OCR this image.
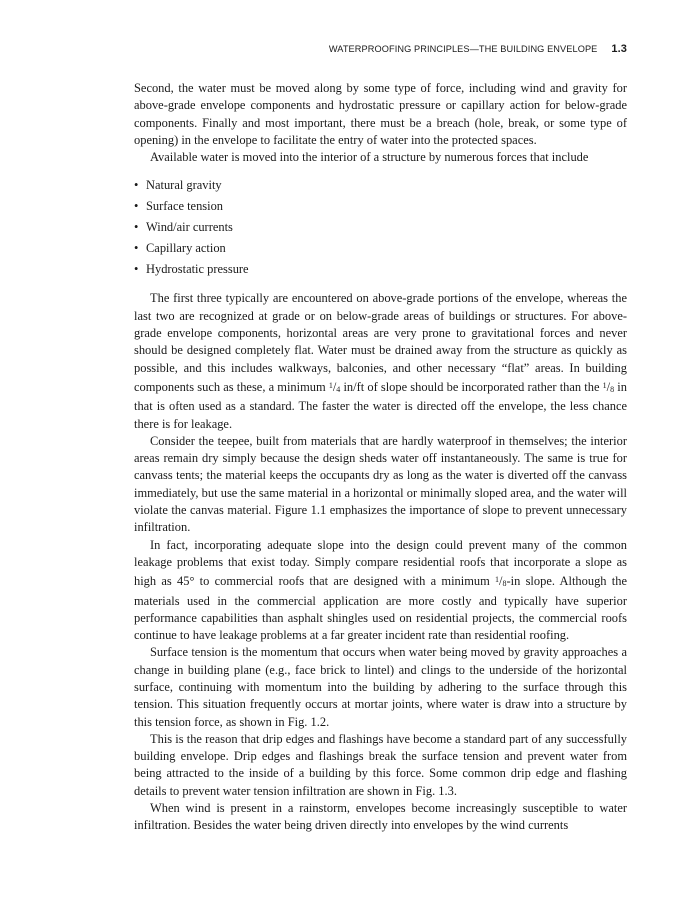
WATERPROOFING PRINCIPLES—THE BUILDING ENVELOPE 1.3

Second, the water must be moved along by some type of force, including wind and gravity for above-grade envelope components and hydrostatic pressure or capillary action for below-grade components. Finally and most important, there must be a breach (hole, break, or some type of opening) in the envelope to facilitate the entry of water into the protected spaces.

Available water is moved into the interior of a structure by numerous forces that include

• Natural gravity
• Surface tension
• Wind/air currents
• Capillary action
• Hydrostatic pressure

The first three typically are encountered on above-grade portions of the envelope, whereas the last two are recognized at grade or on below-grade areas of buildings or structures. For above-grade envelope components, horizontal areas are very prone to gravitational forces and never should be designed completely flat. Water must be drained away from the structure as quickly as possible, and this includes walkways, balconies, and other necessary “flat” areas. In building components such as these, a minimum $^1/_4$ in/ft of slope should be incorporated rather than the $^1/_8$ in that is often used as a standard. The faster the water is directed off the envelope, the less chance there is for leakage.

Consider the teepee, built from materials that are hardly waterproof in themselves; the interior areas remain dry simply because the design sheds water off instantaneously. The same is true for canvass tents; the material keeps the occupants dry as long as the water is diverted off the canvass immediately, but use the same material in a horizontal or minimally sloped area, and the water will violate the canvas material. Figure 1.1 emphasizes the importance of slope to prevent unnecessary infiltration.

In fact, incorporating adequate slope into the design could prevent many of the common leakage problems that exist today. Simply compare residential roofs that incorporate a slope as high as 45° to commercial roofs that are designed with a minimum $^1/_8-in$ slope. Although the materials used in the commercial application are more costly and typically have superior performance capabilities than asphalt shingles used on residential projects, the commercial roofs continue to have leakage problems at a far greater incident rate than residential roofing.

Surface tension is the momentum that occurs when water being moved by gravity approaches a change in building plane (e.g., face brick to lintel) and clings to the underside of the horizontal surface, continuing with momentum into the building by adhering to the surface through this tension. This situation frequently occurs at mortar joints, where water is draw into a structure by this tension force, as shown in Fig. 1.2.

This is the reason that drip edges and flashings have become a standard part of any successfully building envelope. Drip edges and flashings break the surface tension and prevent water from being attracted to the inside of a building by this force. Some common drip edge and flashing details to prevent water tension infiltration are shown in Fig. 1.3.

When wind is present in a rainstorm, envelopes become increasingly susceptible to water infiltration. Besides the water being driven directly into envelopes by the wind currents
